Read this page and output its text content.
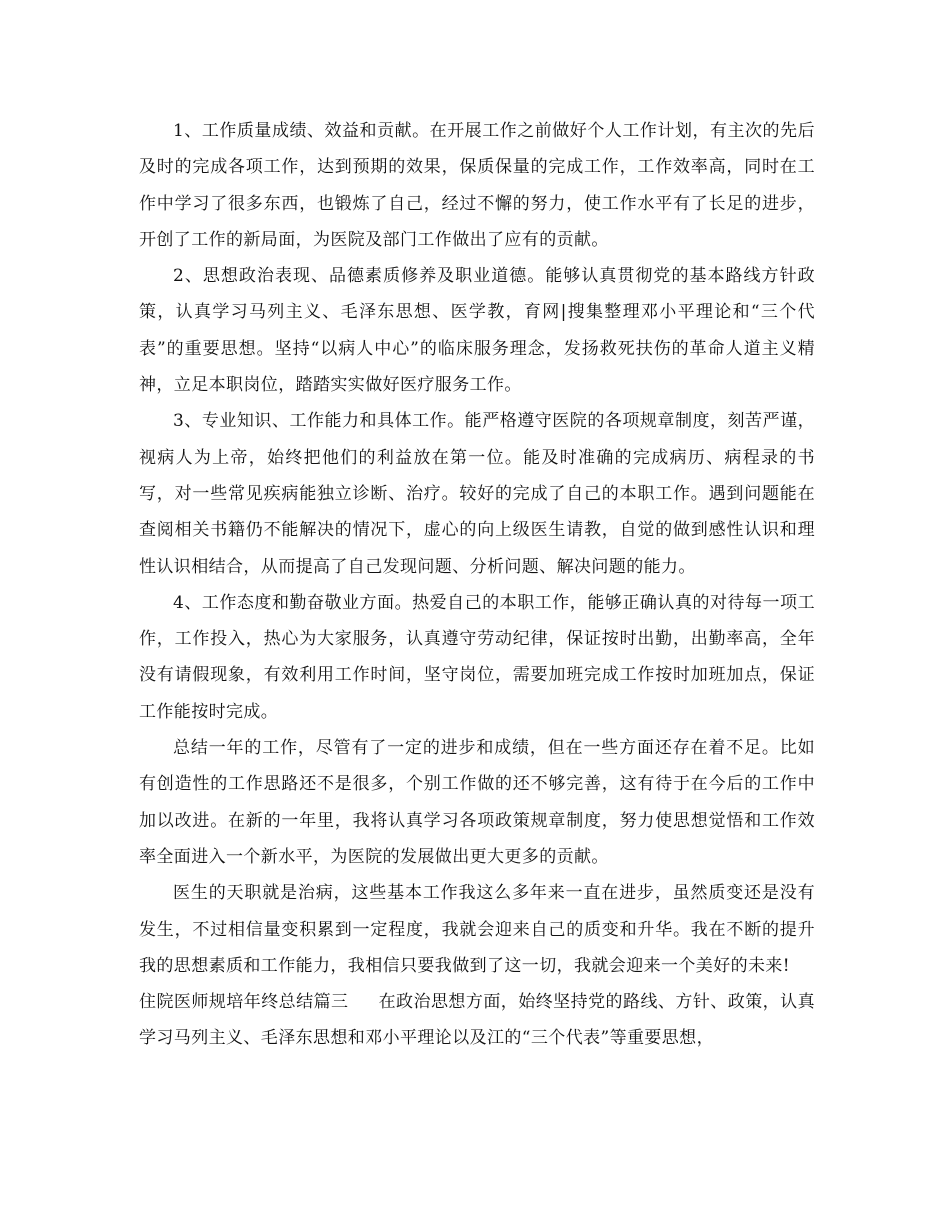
1、工作质量成绩、效益和贡献。在开展工作之前做好个人工作计划，有主次的先后及时的完成各项工作，达到预期的效果，保质保量的完成工作，工作效率高，同时在工作中学习了很多东西，也锻炼了自己，经过不懈的努力，使工作水平有了长足的进步，开创了工作的新局面，为医院及部门工作做出了应有的贡献。

2、思想政治表现、品德素质修养及职业道德。能够认真贯彻党的基本路线方针政策，认真学习马列主义、毛泽东思想、医学教，育网|搜集整理邓小平理论和“三个代表”的重要思想。坚持“以病人中心”的临床服务理念，发扬救死扶伤的革命人道主义精神，立足本职岗位，踏踏实实做好医疗服务工作。

3、专业知识、工作能力和具体工作。能严格遵守医院的各项规章制度，刻苦严谨，视病人为上帝，始终把他们的利益放在第一位。能及时准确的完成病历、病程录的书写，对一些常见疾病能独立诊断、治疗。较好的完成了自己的本职工作。遇到问题能在查阅相关书籍仍不能解决的情况下，虚心的向上级医生请教，自觉的做到感性认识和理性认识相结合，从而提高了自己发现问题、分析问题、解决问题的能力。

4、工作态度和勤奋敬业方面。热爱自己的本职工作，能够正确认真的对待每一项工作，工作投入，热心为大家服务，认真遵守劳动纪律，保证按时出勤，出勤率高，全年没有请假现象，有效利用工作时间，坚守岗位，需要加班完成工作按时加班加点，保证工作能按时完成。

总结一年的工作，尽管有了一定的进步和成绩，但在一些方面还存在着不足。比如有创造性的工作思路还不是很多，个别工作做的还不够完善，这有待于在今后的工作中加以改进。在新的一年里，我将认真学习各项政策规章制度，努力使思想觉悟和工作效率全面进入一个新水平，为医院的发展做出更大更多的贡献。

医生的天职就是治病，这些基本工作我这么多年来一直在进步，虽然质变还是没有发生，不过相信量变积累到一定程度，我就会迎来自己的质变和升华。我在不断的提升我的思想素质和工作能力，我相信只要我做到了这一切，我就会迎来一个美好的未来!

住院医师规培年终总结篇三 在政治思想方面，始终坚持党的路线、方针、政策，认真学习马列主义、毛泽东思想和邓小平理论以及江的“三个代表”等重要思想，
